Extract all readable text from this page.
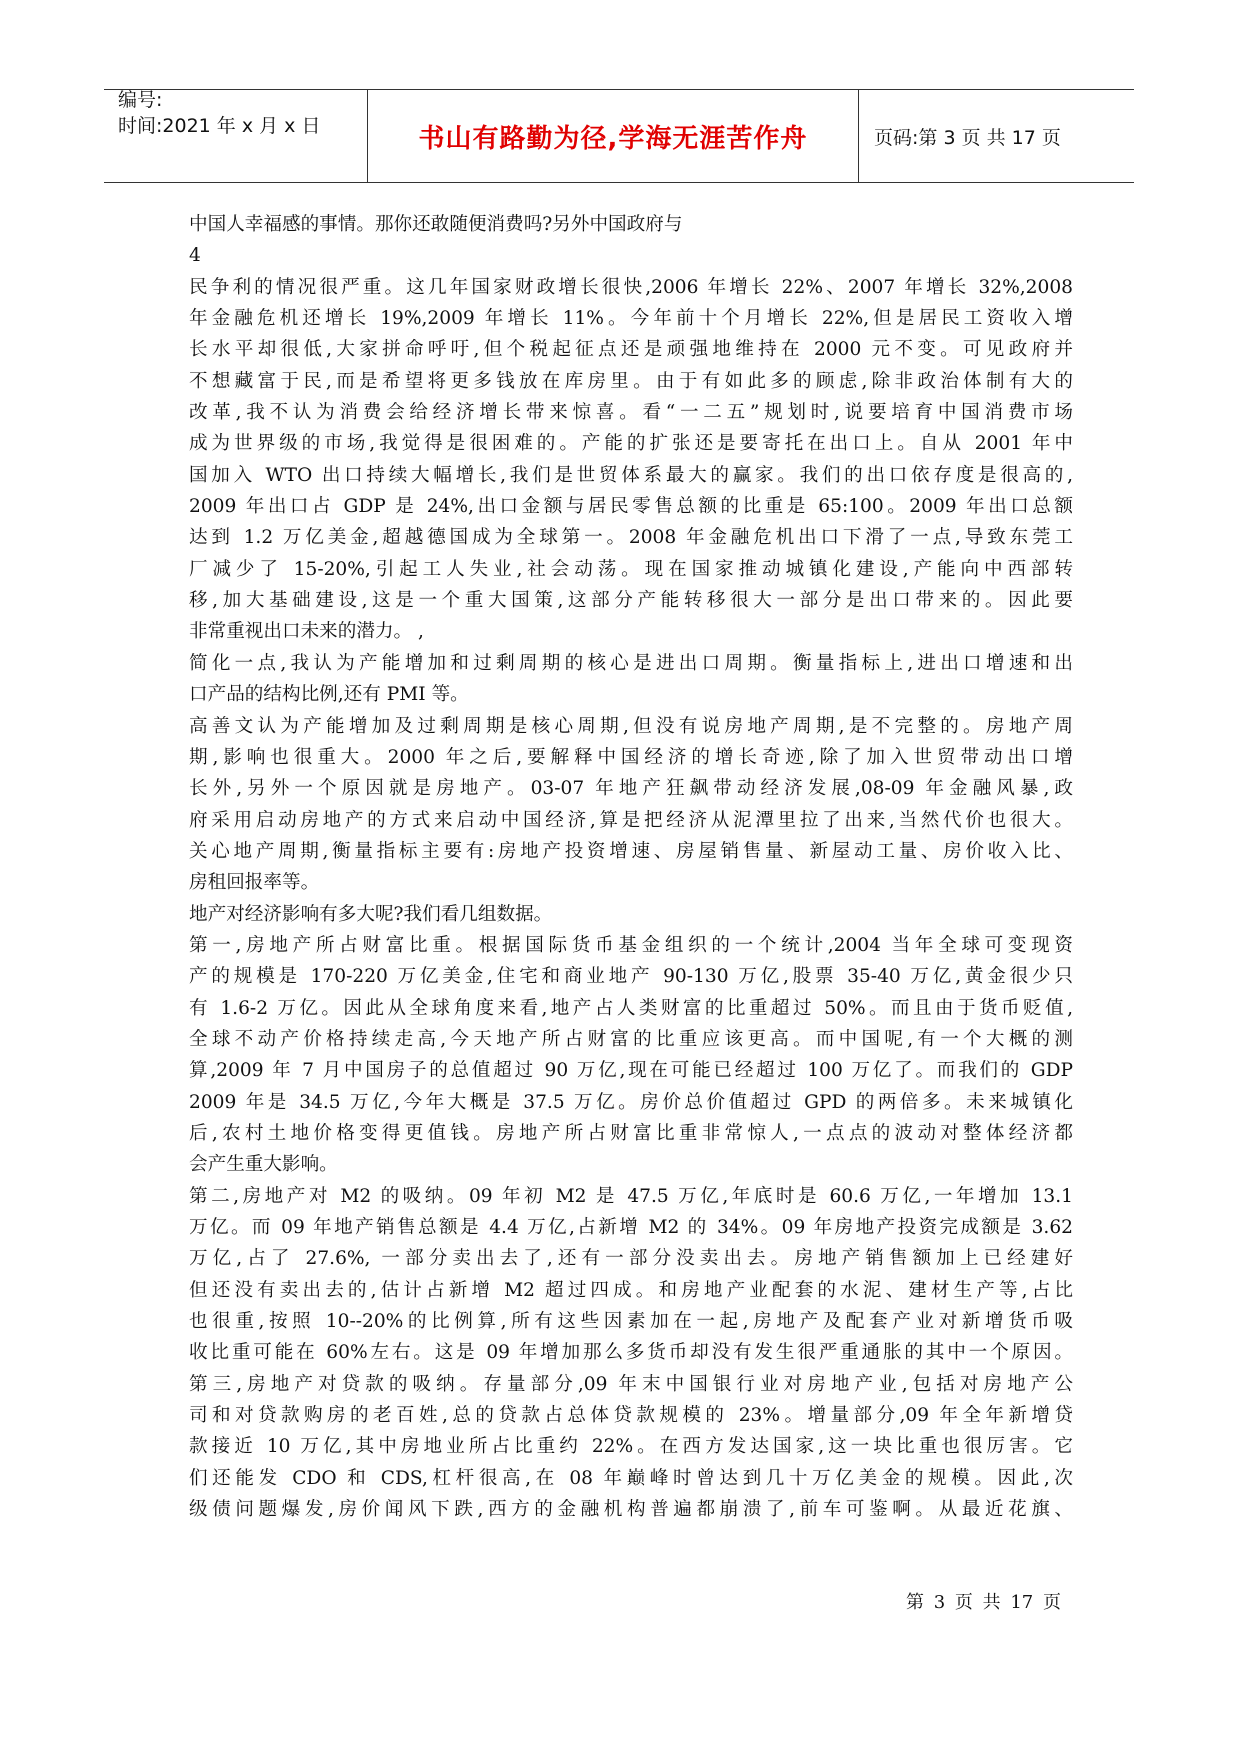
编号:
时间:2021 年 x 月 x 日	书山有路勤为径,学海无涯苦作舟	页码:第 3 页 共 17 页
中国人幸福感的事情。那你还敢随便消费吗?另外中国政府与
4
民争利的情况很严重。这几年国家财政增长很快,2006 年增长 22%、2007 年增长 32%,2008
年金融危机还增长 19%,2009 年增长 11%。今年前十个月增长 22%,但是居民工资收入增
长水平却很低,大家拼命呼吁,但个税起征点还是顽强地维持在 2000 元不变。可见政府并
不想藏富于民,而是希望将更多钱放在库房里。由于有如此多的顾虑,除非政治体制有大的
改革,我不认为消费会给经济增长带来惊喜。看“一二五”规划时,说要培育中国消费市场
成为世界级的市场,我觉得是很困难的。产能的扩张还是要寄托在出口上。自从 2001 年中
国加入 WTO 出口持续大幅增长,我们是世贸体系最大的赢家。我们的出口依存度是很高的,
2009 年出口占 GDP 是 24%,出口金额与居民零售总额的比重是 65:100。2009 年出口总额
达到 1.2 万亿美金,超越德国成为全球第一。2008 年金融危机出口下滑了一点,导致东莞工
厂减少了 15-20%,引起工人失业,社会动荡。现在国家推动城镇化建设,产能向中西部转
移,加大基础建设,这是一个重大国策,这部分产能转移很大一部分是出口带来的。因此要
非常重视出口未来的潜力。 ,
简化一点,我认为产能增加和过剩周期的核心是进出口周期。衡量指标上,进出口增速和出
口产品的结构比例,还有 PMI 等。
高善文认为产能增加及过剩周期是核心周期,但没有说房地产周期,是不完整的。房地产周
期,影响也很重大。2000 年之后,要解释中国经济的增长奇迹,除了加入世贸带动出口增
长外,另外一个原因就是房地产。03-07 年地产狂飙带动经济发展,08-09 年金融风暴,政
府采用启动房地产的方式来启动中国经济,算是把经济从泥潭里拉了出来,当然代价也很大。
关心地产周期,衡量指标主要有:房地产投资增速、房屋销售量、新屋动工量、房价收入比、
房租回报率等。
地产对经济影响有多大呢?我们看几组数据。
第一,房地产所占财富比重。根据国际货币基金组织的一个统计,2004 当年全球可变现资
产的规模是 170-220 万亿美金,住宅和商业地产 90-130 万亿,股票 35-40 万亿,黄金很少只
有 1.6-2 万亿。因此从全球角度来看,地产占人类财富的比重超过 50%。而且由于货币贬值,
全球不动产价格持续走高,今天地产所占财富的比重应该更高。而中国呢,有一个大概的测
算,2009 年 7 月中国房子的总值超过 90 万亿,现在可能已经超过 100 万亿了。而我们的 GDP
2009 年是 34.5 万亿,今年大概是 37.5 万亿。房价总价值超过 GPD 的两倍多。未来城镇化
后,农村土地价格变得更值钱。房地产所占财富比重非常惊人,一点点的波动对整体经济都
会产生重大影响。
第二,房地产对 M2 的吸纳。09 年初 M2 是 47.5 万亿,年底时是 60.6 万亿,一年增加 13.1
万亿。而 09 年地产销售总额是 4.4 万亿,占新增 M2 的 34%。09 年房地产投资完成额是 3.62
万亿,占了 27.6%, 一部分卖出去了,还有一部分没卖出去。房地产销售额加上已经建好
但还没有卖出去的,估计占新增 M2 超过四成。和房地产业配套的水泥、建材生产等,占比
也很重,按照 10--20%的比例算,所有这些因素加在一起,房地产及配套产业对新增货币吸
收比重可能在 60%左右。这是 09 年增加那么多货币却没有发生很严重通胀的其中一个原因。
第三,房地产对贷款的吸纳。存量部分,09 年末中国银行业对房地产业,包括对房地产公
司和对贷款购房的老百姓,总的贷款占总体贷款规模的 23%。增量部分,09 年全年新增贷
款接近 10 万亿,其中房地业所占比重约 22%。在西方发达国家,这一块比重也很厉害。它
们还能发 CDO 和 CDS,杠杆很高,在 08 年巅峰时曾达到几十万亿美金的规模。因此,次
级债问题爆发,房价闻风下跌,西方的金融机构普遍都崩溃了,前车可鉴啊。从最近花旗、
第 3 页 共 17 页
